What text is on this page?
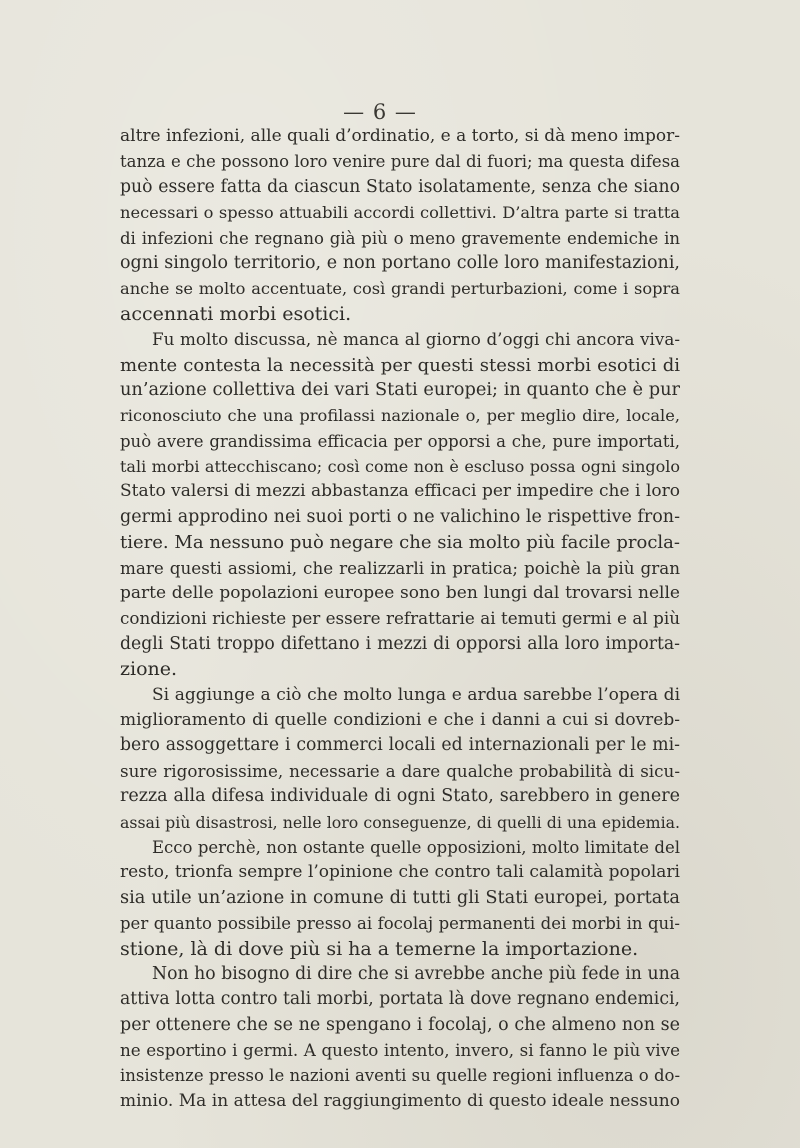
— 6 —
altre infezioni, alle quali d’ordinatio, e a torto, si dà meno impor-
tanza e che possono loro venire pure dal di fuori; ma questa difesa
può essere fatta da ciascun Stato isolatamente, senza che siano
necessari o spesso attuabili accordi collettivi. D’altra parte si tratta
di infezioni che regnano già più o meno gravemente endemiche in
ogni singolo territorio, e non portano colle loro manifestazioni,
anche se molto accentuate, così grandi perturbazioni, come i sopra
accennati morbi esotici.
Fu molto discussa, nè manca al giorno d’oggi chi ancora viva-
mente contesta la necessità per questi stessi morbi esotici di
un’azione collettiva dei vari Stati europei; in quanto che è pur
riconosciuto che una profilassi nazionale o, per meglio dire, locale,
può avere grandissima efficacia per opporsi a che, pure importati,
tali morbi attecchiscano; così come non è escluso possa ogni singolo
Stato valersi di mezzi abbastanza efficaci per impedire che i loro
germi approdino nei suoi porti o ne valichino le rispettive fron-
tiere. Ma nessuno può negare che sia molto più facile procla-
mare questi assiomi, che realizzarli in pratica; poichè la più gran
parte delle popolazioni europee sono ben lungi dal trovarsi nelle
condizioni richieste per essere refrattarie ai temuti germi e al più
degli Stati troppo difettano i mezzi di opporsi alla loro importa-
zione.
Si aggiunge a ciò che molto lunga e ardua sarebbe l’opera di
miglioramento di quelle condizioni e che i danni a cui si dovreb-
bero assoggettare i commerci locali ed internazionali per le mi-
sure rigorosissime, necessarie a dare qualche probabilità di sicu-
rezza alla difesa individuale di ogni Stato, sarebbero in genere
assai più disastrosi, nelle loro conseguenze, di quelli di una epidemia.
Ecco perchè, non ostante quelle opposizioni, molto limitate del
resto, trionfa sempre l’opinione che contro tali calamità popolari
sia utile un’azione in comune di tutti gli Stati europei, portata
per quanto possibile presso ai focolaj permanenti dei morbi in qui-
stione, là di dove più si ha a temerne la importazione.
Non ho bisogno di dire che si avrebbe anche più fede in una
attiva lotta contro tali morbi, portata là dove regnano endemici,
per ottenere che se ne spengano i focolaj, o che almeno non se
ne esportino i germi. A questo intento, invero, si fanno le più vive
insistenze presso le nazioni aventi su quelle regioni influenza o do-
minio. Ma in attesa del raggiungimento di questo ideale nessuno
